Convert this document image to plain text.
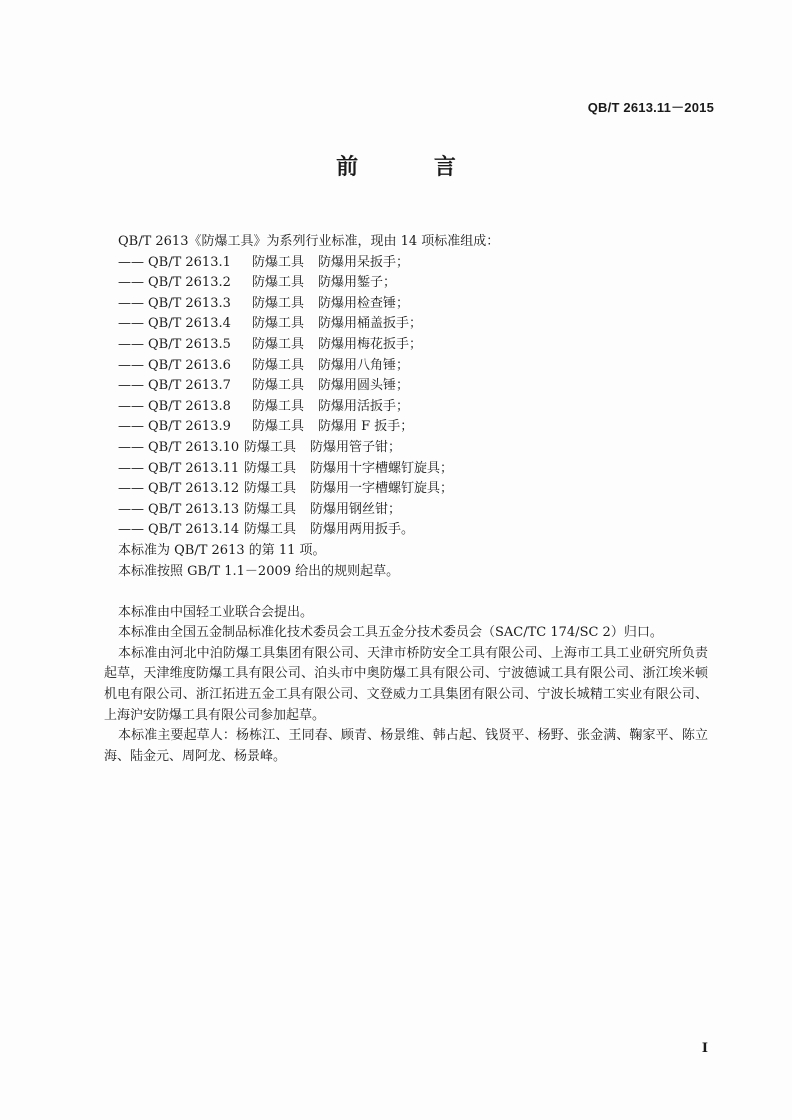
QB/T 2613.11－2015
前 言
QB/T 2613《防爆工具》为系列行业标准，现由 14 项标准组成：
—— QB/T 2613.1 防爆工具 防爆用呆扳手；
—— QB/T 2613.2 防爆工具 防爆用錾子；
—— QB/T 2613.3 防爆工具 防爆用检查锤；
—— QB/T 2613.4 防爆工具 防爆用桶盖扳手；
—— QB/T 2613.5 防爆工具 防爆用梅花扳手；
—— QB/T 2613.6 防爆工具 防爆用八角锤；
—— QB/T 2613.7 防爆工具 防爆用圆头锤；
—— QB/T 2613.8 防爆工具 防爆用活扳手；
—— QB/T 2613.9 防爆工具 防爆用 F 扳手；
—— QB/T 2613.10 防爆工具 防爆用管子钳；
—— QB/T 2613.11 防爆工具 防爆用十字槽螺钉旋具；
—— QB/T 2613.12 防爆工具 防爆用一字槽螺钉旋具；
—— QB/T 2613.13 防爆工具 防爆用钢丝钳；
—— QB/T 2613.14 防爆工具 防爆用两用扳手。
本标准为 QB/T 2613 的第 11 项。
本标准按照 GB/T 1.1－2009 给出的规则起草。
本标准由中国轻工业联合会提出。
本标准由全国五金制品标准化技术委员会工具五金分技术委员会（SAC/TC 174/SC 2）归口。
本标准由河北中泊防爆工具集团有限公司、天津市桥防安全工具有限公司、上海市工具工业研究所负责起草，天津维度防爆工具有限公司、泊头市中奥防爆工具有限公司、宁波德诚工具有限公司、浙江埃米顿机电有限公司、浙江拓进五金工具有限公司、文登威力工具集团有限公司、宁波长城精工实业有限公司、上海沪安防爆工具有限公司参加起草。
本标准主要起草人：杨栋江、王同春、顾青、杨景维、韩占起、钱贤平、杨野、张金满、鞠家平、陈立海、陆金元、周阿龙、杨景峰。
I
